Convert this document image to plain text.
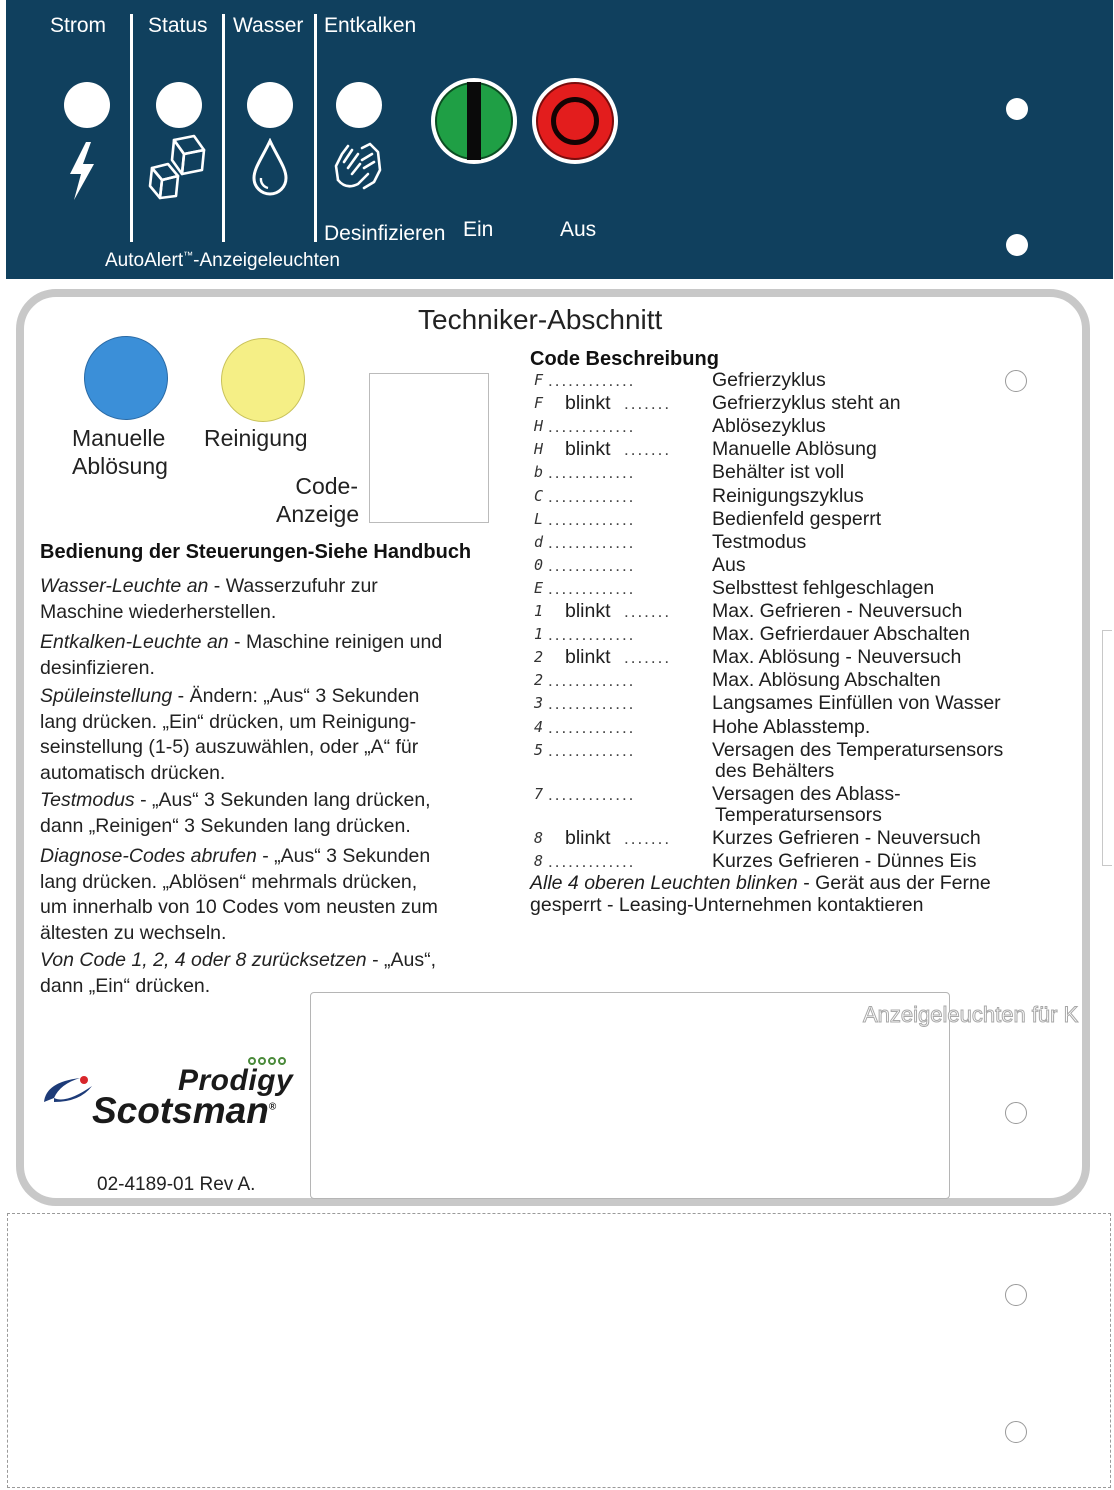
Strom Status Wasser Entkalken
Desinfizieren Ein	Aus
AutoAlert™-Anzeigeleuchten
Techniker-Abschnitt
Manuelle
Ablösung
Reinigung
Code-
Anzeige
Bedienung der Steuerungen-Siehe Handbuch
Wasser-Leuchte an - Wasserzufuhr zur
Maschine wiederherstellen.
Entkalken-Leuchte an - Maschine reinigen und
desinfizieren.
Spüleinstellung - Ändern: „Aus“ 3 Sekunden
lang drücken. „Ein“ drücken, um Reinigung-
seinstellung (1-5) auszuwählen, oder „A“ für
automatisch drücken.
Testmodus - „Aus“ 3 Sekunden lang drücken,
dann „Reinigen“ 3 Sekunden lang drücken.
Diagnose-Codes abrufen - „Aus“ 3 Sekunden
lang drücken. „Ablösen“ mehrmals drücken,
um innerhalb von 10 Codes vom neusten zum
ältesten zu wechseln.
Von Code 1, 2, 4 oder 8 zurücksetzen - „Aus“,
dann „Ein“ drücken.
Code Beschreibung
F .............	Gefrierzyklus
F blinkt ....... Gefrierzyklus steht an
H .............	Ablösezyklus
H blinkt ....... Manuelle Ablösung
b .............	Behälter ist voll
C .............	Reinigungszyklus
L .............	Bedienfeld gesperrt
d .............	Testmodus
0 .............	Aus
E .............	Selbsttest fehlgeschlagen
1 blinkt ....... Max. Gefrieren - Neuversuch
1 .............	Max. Gefrierdauer Abschalten
2 blinkt ....... Max. Ablösung - Neuversuch
2 .............	Max. Ablösung Abschalten
3 .............	Langsames Einfüllen von Wasser
4 .............	Hohe Ablasstemp.
5 .............	Versagen des Temperatursensors
des Behälters
7 .............	Versagen des Ablass-
Temperatursensors
8 blinkt ....... Kurzes Gefrieren - Neuversuch
8 .............	Kurzes Gefrieren - Dünnes Eis
Alle 4 oberen Leuchten blinken - Gerät aus der Ferne
gesperrt - Leasing-Unternehmen kontaktieren
Anzeigeleuchten für K
Prodigy
Scotsman®
02-4189-01 Rev A.
